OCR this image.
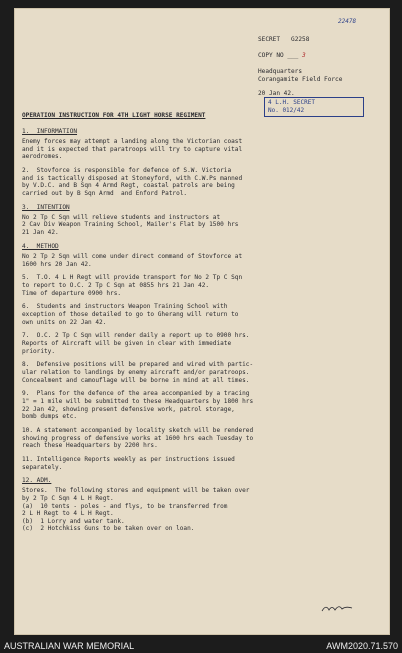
SECRET G2258
22478
COPY NO ___ 3
Headquarters
Corangamite Field Force
20 Jan 42.
4 L.H. SECRET
No. 012/42
OPERATION INSTRUCTION FOR 4TH LIGHT HORSE REGIMENT
1.  INFORMATION
Enemy forces may attempt a landing along the Victorian coast
and it is expected that paratroops will try to capture vital
aerodromes.
2.  Stovforce is responsible for defence of S.W. Victoria
and is tactically disposed at Stoneyford, with C.W.Ps manned
by V.D.C. and B Sqn 4 Armd Regt, coastal patrols are being
carried out by B Sqn Armd  and Enford Patrol.
3.  INTENTION
No 2 Tp C Sqn will relieve students and instructors at
2 Cav Div Weapon Training School, Mailer's Flat by 1500 hrs
21 Jan 42.
4.  METHOD
No 2 Tp 2 Sqn will come under direct command of Stovforce at
1600 hrs 20 Jan 42.
5.  T.O. 4 L H Regt will provide transport for No 2 Tp C Sqn
to report to O.C. 2 Tp C Sqn at 0855 hrs 21 Jan 42.
Time of departure 0900 hrs.
6.  Students and instructors Weapon Training School with
exception of those detailed to go to Gherang will return to
own units on 22 Jan 42.
7.  O.C. 2 Tp C Sqn will render daily a report up to 0900 hrs.
Reports of Aircraft will be given in clear with immediate
priority.
8.  Defensive positions will be prepared and wired with partic-
ular relation to landings by enemy aircraft and/or paratroops.
Concealment and camouflage will be borne in mind at all times.
9.  Plans for the defence of the area accompanied by a tracing
1" = 1 mile will be submitted to these Headquarters by 1800 hrs
22 Jan 42, showing present defensive work, patrol storage,
bomb dumps etc.
10. A statement accompanied by locality sketch will be rendered
showing progress of defensive works at 1600 hrs each Tuesday to
reach these Headquarters by 2200 hrs.
11. Intelligence Reports weekly as per instructions issued
separately.
12. ADM.
Stores.  The following stores and equipment will be taken over
by 2 Tp C Sqn 4 L H Regt.
(a)  10 tents - poles - and flys, to be transferred from
2 L H Regt to 4 L H Regt.
(b)  1 Lorry and water tank.
(c)  2 Hotchkiss Guns to be taken over on loan.
AUSTRALIAN WAR MEMORIAL	AWM2020.71.570
